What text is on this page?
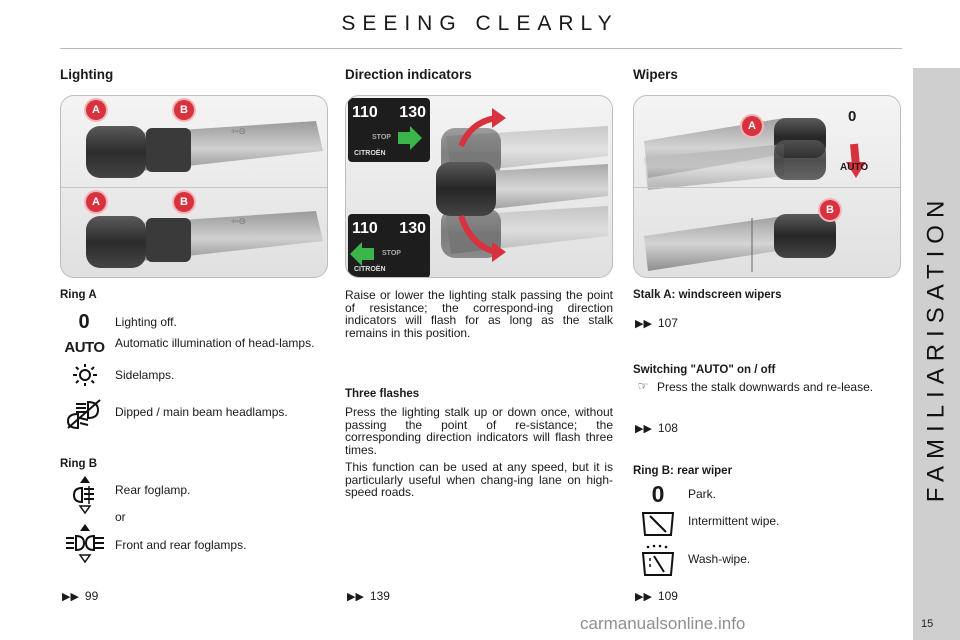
SEEING CLEARLY
FAMILIARISATION
Lighting
⇦⊖
⇦⊖
A	B
A	B
Ring A
0	Lighting off.
AUTO Automatic illumination of head-lamps.
Sidelamps.
Dipped / main beam headlamps.
Ring B
Rear foglamp.
or
Front and rear foglamps.
▶▶ 99
Direction indicators
110 130
STOP
CITROËN
110 130
STOP
CITROËN
Raise or lower the lighting stalk passing the point of resistance; the correspond-ing direction indicators will flash for as long as the stalk remains in this position.
Three flashes
Press the lighting stalk up or down once, without passing the point of re-sistance; the corresponding direction indicators will flash three times.
This function can be used at any speed, but it is particularly useful when chang-ing lane on high-speed roads.
▶▶ 139
Wipers
0
AUTO
A
B
Stalk A: windscreen wipers
▶▶ 107
Switching "AUTO" on / off
☞ Press the stalk downwards and re-lease.
▶▶ 108
Ring B: rear wiper
0	Park.
Intermittent wipe.
Wash-wipe.
▶▶ 109
15
carmanualsonline.info
